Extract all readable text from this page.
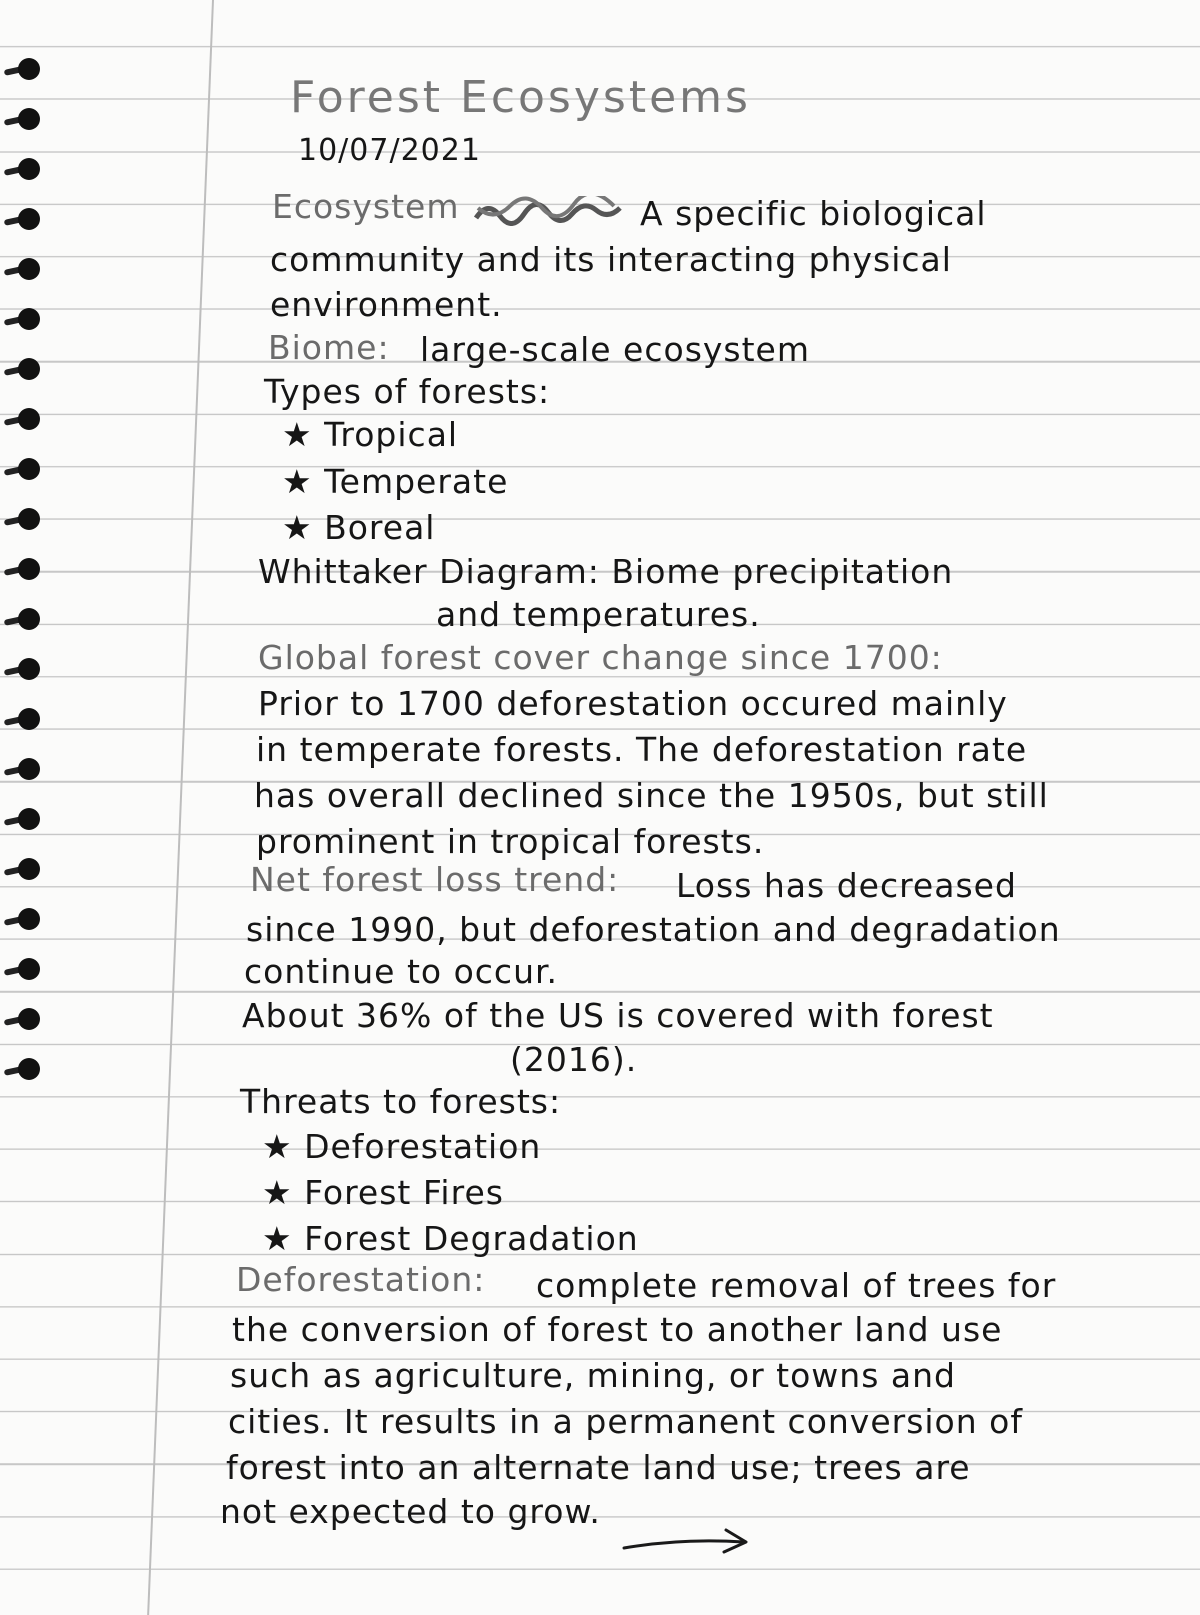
Forest Ecosystems
10/07/2021
Ecosystem	A specific biological
community and its interacting physical
environment.
Biome: large-scale ecosystem
Types of forests:
★ Tropical
★ Temperate
★ Boreal
Whittaker Diagram: Biome precipitation
and temperatures.
Global forest cover change since 1700:
Prior to 1700 deforestation occured mainly
in temperate forests. The deforestation rate
has overall declined since the 1950s, but still
prominent in tropical forests.
Net forest loss trend: Loss has decreased
since 1990, but deforestation and degradation
continue to occur.
About 36% of the US is covered with forest
(2016).
Threats to forests:
★ Deforestation
★ Forest Fires
★ Forest Degradation
Deforestation: complete removal of trees for
the conversion of forest to another land use
such as agriculture, mining, or towns and
cities. It results in a permanent conversion of
forest into an alternate land use; trees are
not expected to grow.
